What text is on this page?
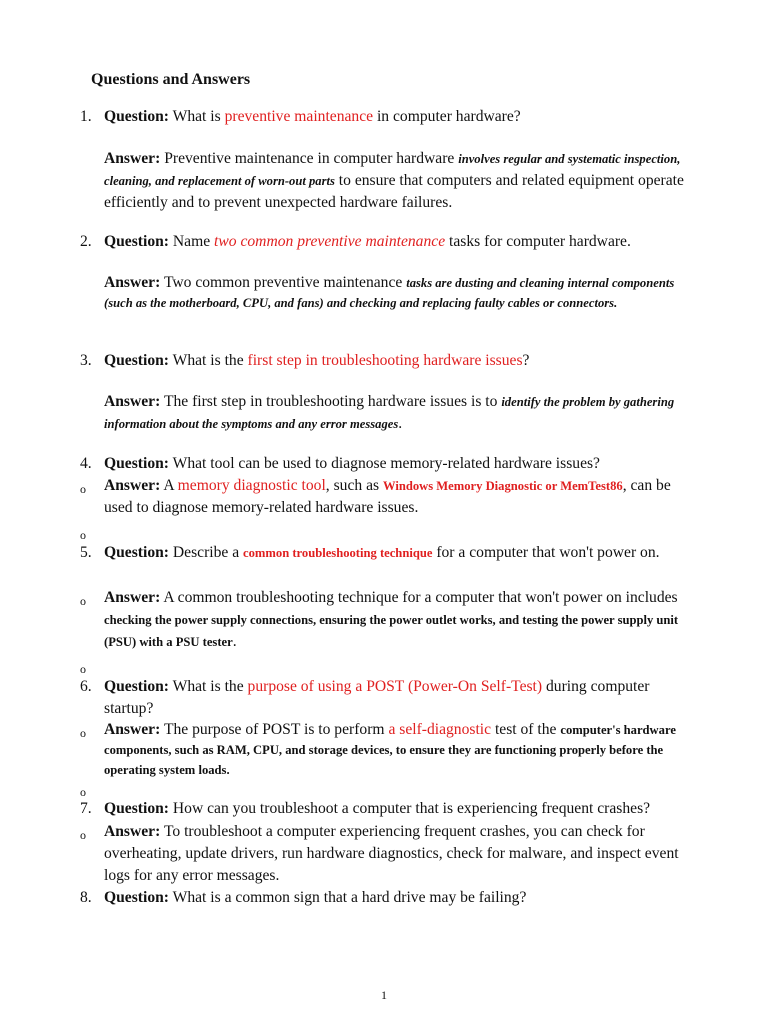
Questions and Answers
1. Question: What is preventive maintenance in computer hardware?
Answer: Preventive maintenance in computer hardware involves regular and systematic inspection, cleaning, and replacement of worn-out parts to ensure that computers and related equipment operate efficiently and to prevent unexpected hardware failures.
2. Question: Name two common preventive maintenance tasks for computer hardware.
Answer: Two common preventive maintenance tasks are dusting and cleaning internal components (such as the motherboard, CPU, and fans) and checking and replacing faulty cables or connectors.
3. Question: What is the first step in troubleshooting hardware issues?
Answer: The first step in troubleshooting hardware issues is to identify the problem by gathering information about the symptoms and any error messages.
4. Question: What tool can be used to diagnose memory-related hardware issues?
o Answer: A memory diagnostic tool, such as Windows Memory Diagnostic or MemTest86, can be used to diagnose memory-related hardware issues.
o
5. Question: Describe a common troubleshooting technique for a computer that won't power on.
o Answer: A common troubleshooting technique for a computer that won't power on includes checking the power supply connections, ensuring the power outlet works, and testing the power supply unit (PSU) with a PSU tester.
o
6. Question: What is the purpose of using a POST (Power-On Self-Test) during computer startup?
o Answer: The purpose of POST is to perform a self-diagnostic test of the computer's hardware components, such as RAM, CPU, and storage devices, to ensure they are functioning properly before the operating system loads.
o
7. Question: How can you troubleshoot a computer that is experiencing frequent crashes?
o Answer: To troubleshoot a computer experiencing frequent crashes, you can check for overheating, update drivers, run hardware diagnostics, check for malware, and inspect event logs for any error messages.
8. Question: What is a common sign that a hard drive may be failing?
1
